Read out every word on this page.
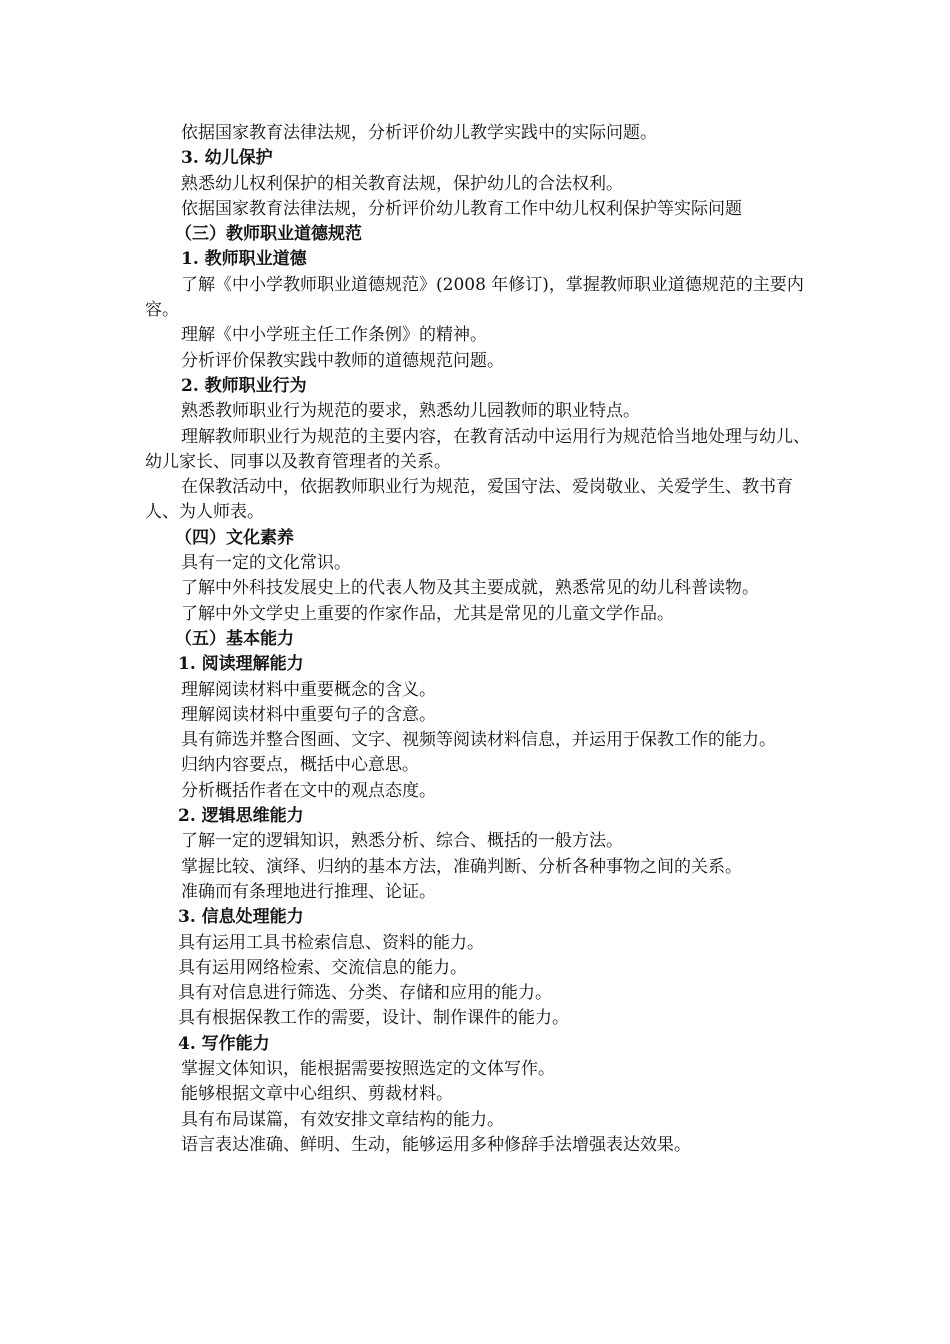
依据国家教育法律法规，分析评价幼儿教学实践中的实际问题。
3. 幼儿保护
熟悉幼儿权利保护的相关教育法规，保护幼儿的合法权利。
依据国家教育法律法规，分析评价幼儿教育工作中幼儿权利保护等实际问题
（三）教师职业道德规范
1. 教师职业道德
了解《中小学教师职业道德规范》(2008 年修订)，掌握教师职业道德规范的主要内容。
理解《中小学班主任工作条例》的精神。
分析评价保教实践中教师的道德规范问题。
2. 教师职业行为
熟悉教师职业行为规范的要求，熟悉幼儿园教师的职业特点。
理解教师职业行为规范的主要内容，在教育活动中运用行为规范恰当地处理与幼儿、幼儿家长、同事以及教育管理者的关系。
在保教活动中，依据教师职业行为规范，爱国守法、爱岗敬业、关爱学生、教书育人、为人师表。
（四）文化素养
具有一定的文化常识。
了解中外科技发展史上的代表人物及其主要成就，熟悉常见的幼儿科普读物。
了解中外文学史上重要的作家作品，尤其是常见的儿童文学作品。
（五）基本能力
1. 阅读理解能力
理解阅读材料中重要概念的含义。
理解阅读材料中重要句子的含意。
具有筛选并整合图画、文字、视频等阅读材料信息，并运用于保教工作的能力。
归纳内容要点，概括中心意思。
分析概括作者在文中的观点态度。
2. 逻辑思维能力
了解一定的逻辑知识，熟悉分析、综合、概括的一般方法。
掌握比较、演绎、归纳的基本方法，准确判断、分析各种事物之间的关系。
准确而有条理地进行推理、论证。
3. 信息处理能力
具有运用工具书检索信息、资料的能力。
具有运用网络检索、交流信息的能力。
具有对信息进行筛选、分类、存储和应用的能力。
具有根据保教工作的需要，设计、制作课件的能力。
4. 写作能力
掌握文体知识，能根据需要按照选定的文体写作。
能够根据文章中心组织、剪裁材料。
具有布局谋篇，有效安排文章结构的能力。
语言表达准确、鲜明、生动，能够运用多种修辞手法增强表达效果。
